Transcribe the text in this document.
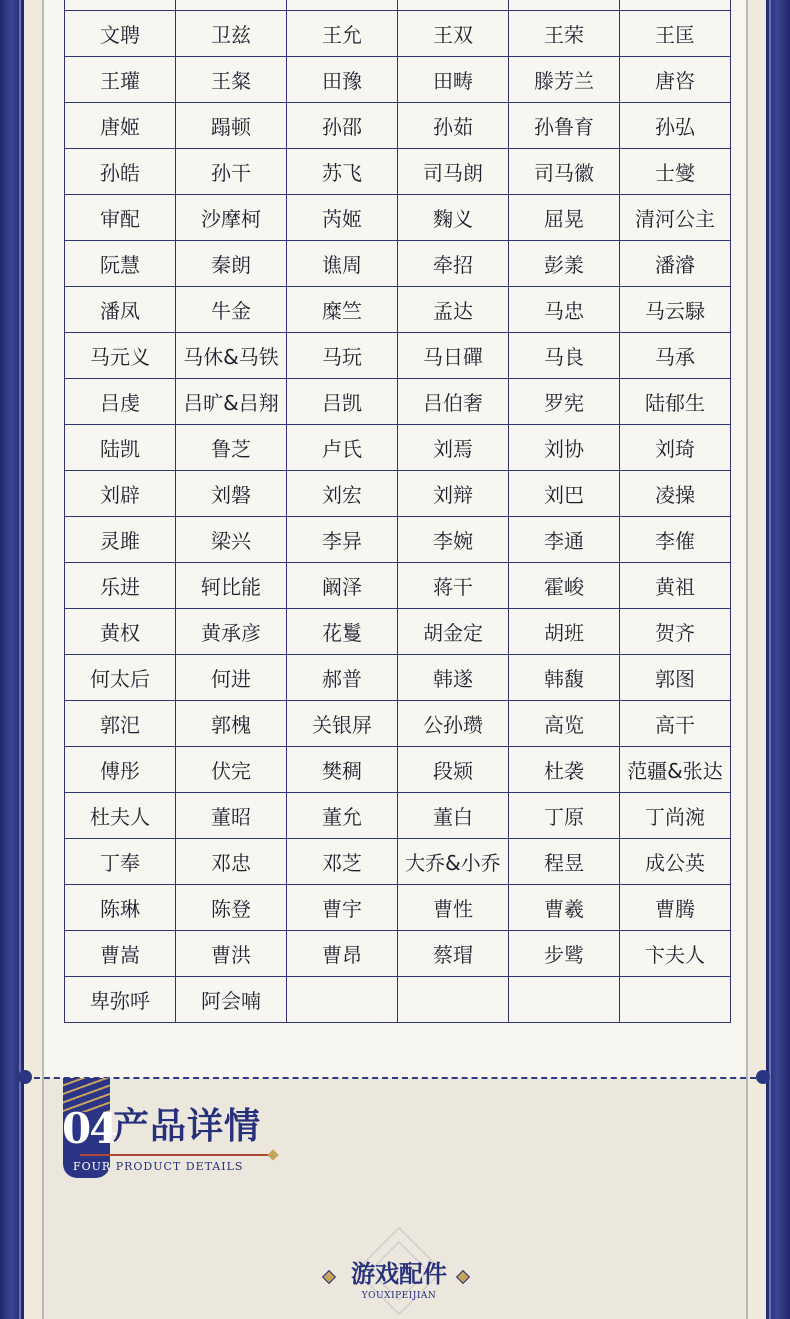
文聘	卫兹	王允	王双	王荣	王匡
王瓘	王粲	田豫	田畴	滕芳兰	唐咨
唐姬	蹋顿	孙邵	孙茹	孙鲁育	孙弘
孙皓	孙干	苏飞	司马朗	司马徽	士燮
审配	沙摩柯	芮姬	麴义	屈晃	清河公主
阮慧	秦朗	谯周	牵招	彭羕	潘濬
潘凤	牛金	糜竺	孟达	马忠	马云騄
马元义	马休&马铁	马玩	马日磾	马良	马承
吕虔	吕旷&吕翔	吕凯	吕伯奢	罗宪	陆郁生
陆凯	鲁芝	卢氏	刘焉	刘协	刘琦
刘辟	刘磐	刘宏	刘辩	刘巴	凌操
灵雎	梁兴	李异	李婉	李通	李傕
乐进	轲比能	阚泽	蒋干	霍峻	黄祖
黄权	黄承彦	花鬘	胡金定	胡班	贺齐
何太后	何进	郝普	韩遂	韩馥	郭图
郭汜	郭槐	关银屏	公孙瓒	高览	高干
傅彤	伏完	樊稠	段颎	杜袭	范疆&张达
杜夫人	董昭	董允	董白	丁原	丁尚涴
丁奉	邓忠	邓芝	大乔&小乔	程昱	成公英
陈琳	陈登	曹宇	曹性	曹羲	曹腾
曹嵩	曹洪	曹昂	蔡瑁	步骘	卞夫人
卑弥呼	阿会喃				
04
产品详情
FOUR PRODUCT DETAILS
游戏配件
YOUXIPEIJIAN
